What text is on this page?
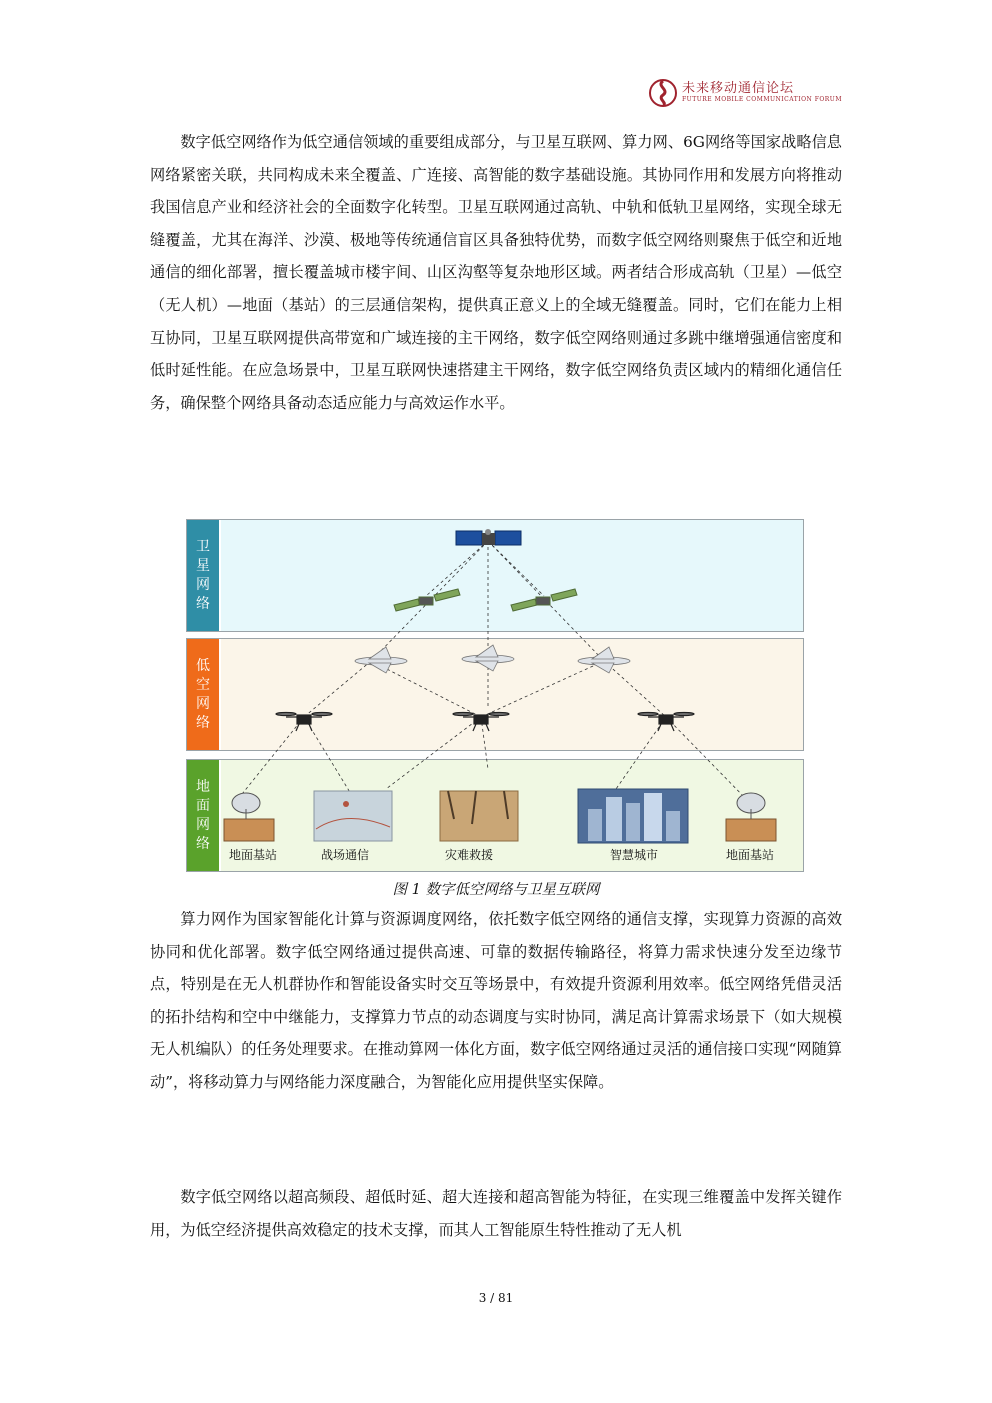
未来移动通信论坛
FUTURE MOBILE COMMUNICATION FORUM
数字低空网络作为低空通信领域的重要组成部分，与卫星互联网、算力网、6G网络等国家战略信息网络紧密关联，共同构成未来全覆盖、广连接、高智能的数字基础设施。其协同作用和发展方向将推动我国信息产业和经济社会的全面数字化转型。卫星互联网通过高轨、中轨和低轨卫星网络，实现全球无缝覆盖，尤其在海洋、沙漠、极地等传统通信盲区具备独特优势，而数字低空网络则聚焦于低空和近地通信的细化部署，擅长覆盖城市楼宇间、山区沟壑等复杂地形区域。两者结合形成高轨（卫星）—低空（无人机）—地面（基站）的三层通信架构，提供真正意义上的全域无缝覆盖。同时，它们在能力上相互协同，卫星互联网提供高带宽和广域连接的主干网络，数字低空网络则通过多跳中继增强通信密度和低时延性能。在应急场景中，卫星互联网快速搭建主干网络，数字低空网络负责区域内的精细化通信任务，确保整个网络具备动态适应能力与高效运作水平。
卫
星
网
络
低
空
网
络
地
面
网
络
地面基站	战场通信	灾难救援	智慧城市	地面基站
图 1 数字低空网络与卫星互联网
算力网作为国家智能化计算与资源调度网络，依托数字低空网络的通信支撑，实现算力资源的高效协同和优化部署。数字低空网络通过提供高速、可靠的数据传输路径，将算力需求快速分发至边缘节点，特别是在无人机群协作和智能设备实时交互等场景中，有效提升资源利用效率。低空网络凭借灵活的拓扑结构和空中中继能力，支撑算力节点的动态调度与实时协同，满足高计算需求场景下（如大规模无人机编队）的任务处理要求。在推动算网一体化方面，数字低空网络通过灵活的通信接口实现“网随算动”，将移动算力与网络能力深度融合，为智能化应用提供坚实保障。
数字低空网络以超高频段、超低时延、超大连接和超高智能为特征，在实现三维覆盖中发挥关键作用，为低空经济提供高效稳定的技术支撑，而其人工智能原生特性推动了无人机
3 / 81
